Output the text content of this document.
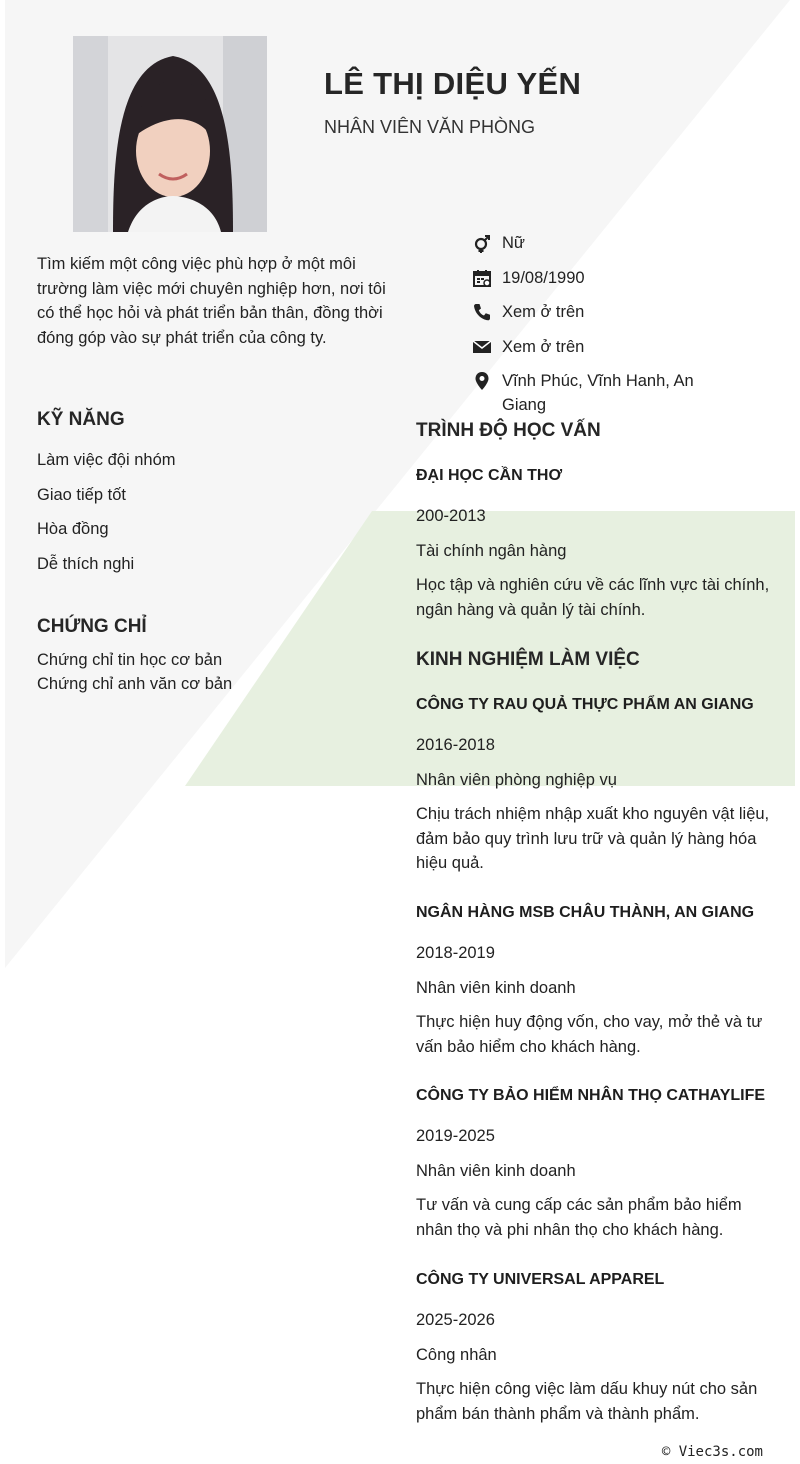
LÊ THỊ DIỆU YẾN
NHÂN VIÊN VĂN PHÒNG
Tìm kiếm một công việc phù hợp ở một môi trường làm việc mới chuyên nghiệp hơn, nơi tôi có thể học hỏi và phát triển bản thân, đồng thời đóng góp vào sự phát triển của công ty.
Nữ
19/08/1990
Xem ở trên
Xem ở trên
Vĩnh Phúc, Vĩnh Hanh, An Giang
KỸ NĂNG
Làm việc đội nhóm
Giao tiếp tốt
Hòa đồng
Dễ thích nghi
CHỨNG CHỈ
Chứng chỉ tin học cơ bản
Chứng chỉ anh văn cơ bản
TRÌNH ĐỘ HỌC VẤN
ĐẠI HỌC CẦN THƠ
200-2013
Tài chính ngân hàng
Học tập và nghiên cứu về các lĩnh vực tài chính, ngân hàng và quản lý tài chính.
KINH NGHIỆM LÀM VIỆC
CÔNG TY RAU QUẢ THỰC PHẨM AN GIANG
2016-2018
Nhân viên phòng nghiệp vụ
Chịu trách nhiệm nhập xuất kho nguyên vật liệu, đảm bảo quy trình lưu trữ và quản lý hàng hóa hiệu quả.
NGÂN HÀNG MSB CHÂU THÀNH, AN GIANG
2018-2019
Nhân viên kinh doanh
Thực hiện huy động vốn, cho vay, mở thẻ và tư vấn bảo hiểm cho khách hàng.
CÔNG TY BẢO HIỂM NHÂN THỌ CATHAYLIFE
2019-2025
Nhân viên kinh doanh
Tư vấn và cung cấp các sản phẩm bảo hiểm nhân thọ và phi nhân thọ cho khách hàng.
CÔNG TY UNIVERSAL APPAREL
2025-2026
Công nhân
Thực hiện công việc làm dấu khuy nút cho sản phẩm bán thành phẩm và thành phẩm.
© Viec3s.com
